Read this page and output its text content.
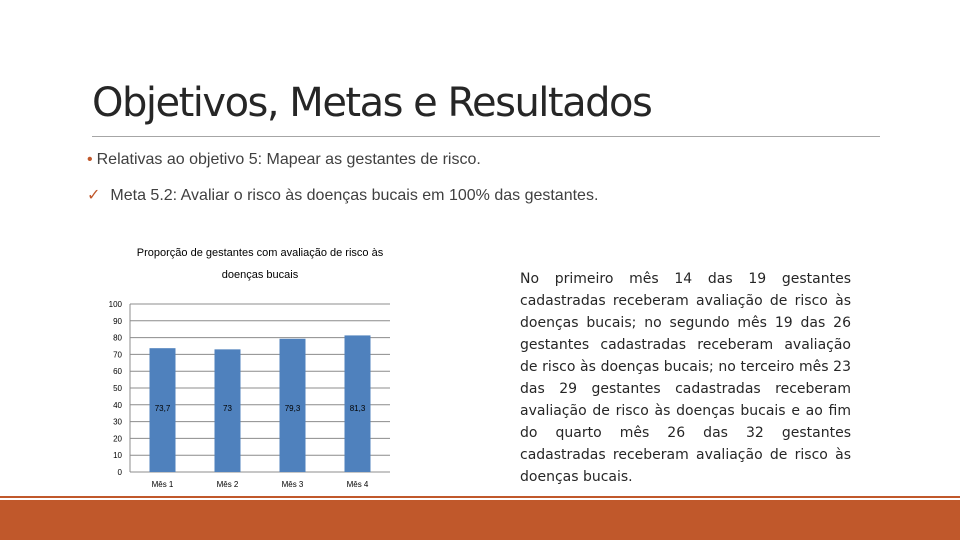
Objetivos, Metas e Resultados
• Relativas ao objetivo 5: Mapear as gestantes de risco.
✓ Meta 5.2: Avaliar o risco às doenças bucais em 100% das gestantes.
Proporção de gestantes com avaliação de risco às
doenças bucais
0
10
20
30
40
50
60
70
80
90
100
73,7
Mês 1
73
Mês 2
79,3
Mês 3
81,3
Mês 4
No primeiro mês 14 das 19 gestantes cadastradas receberam avaliação de risco às doenças bucais; no segundo mês 19 das 26 gestantes cadastradas receberam avaliação de risco às doenças bucais; no terceiro mês 23 das 29 gestantes cadastradas receberam avaliação de risco às doenças bucais e ao fim do quarto mês 26 das 32 gestantes cadastradas receberam avaliação de risco às doenças bucais.
